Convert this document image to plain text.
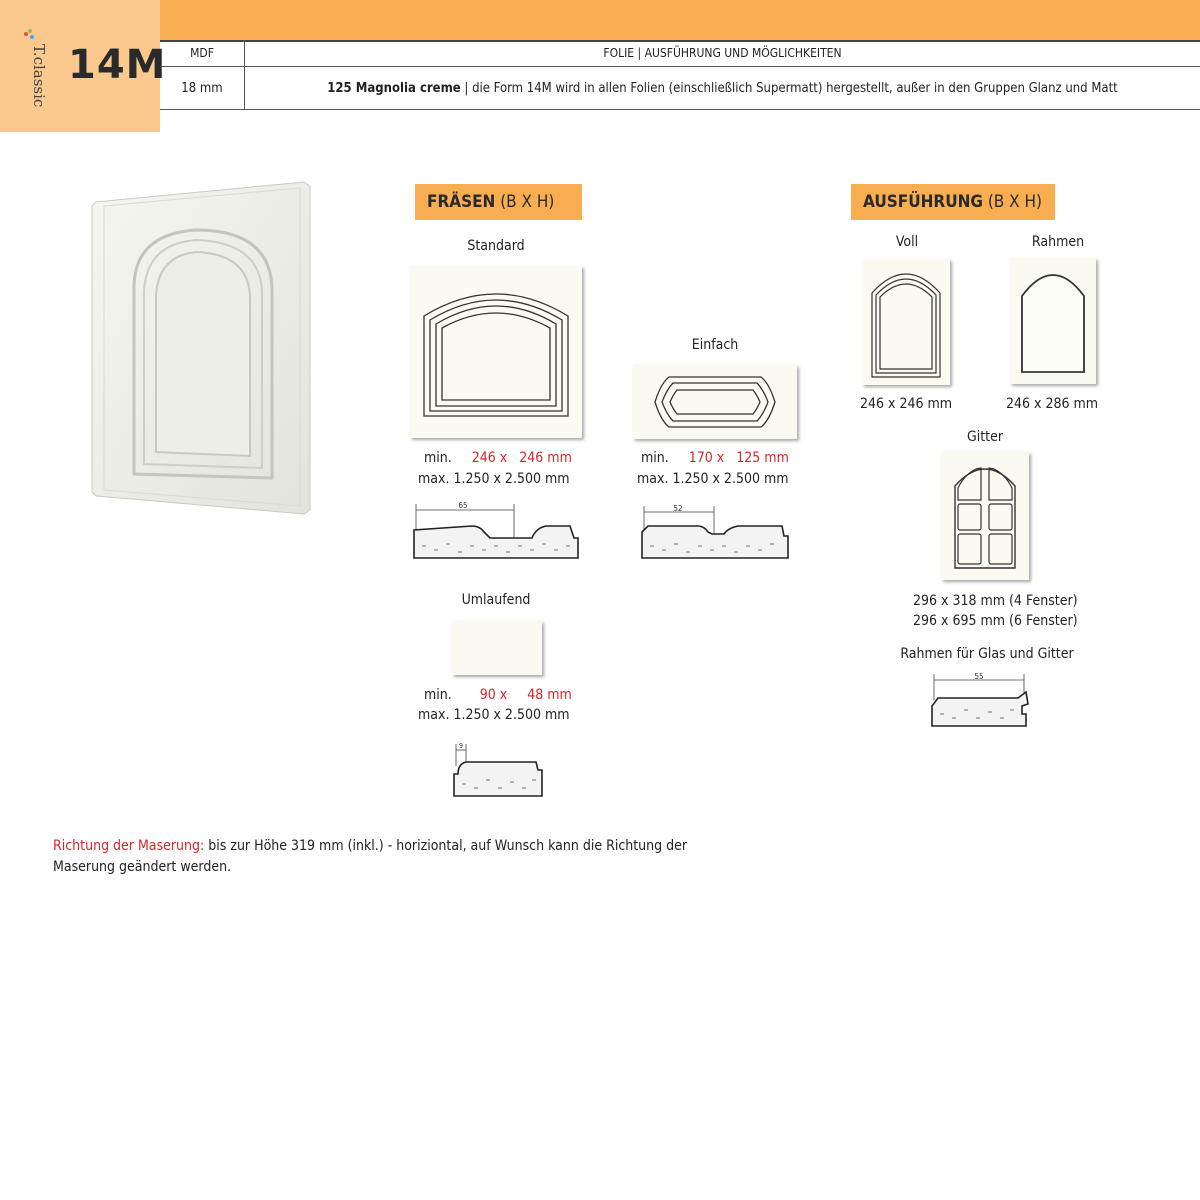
T.classic 14M MDF	FOLIE | AUSFÜHRUNG UND MÖGLICHKEITEN
18 mm	125 Magnolia creme | die Form 14M wird in allen Folien (einschließlich Supermatt) hergestellt, außer in den Gruppen Glanz und Matt
FRÄSEN (B X H)
Standard
min. 246 x 246 mm
max. 1.250 x 2.500 mm
65
Einfach
min. 170 x 125 mm
max. 1.250 x 2.500 mm
52
Umlaufend
min. 90 x 48 mm
max. 1.250 x 2.500 mm
9
AUSFÜHRUNG (B X H)
Voll
246 x 246 mm
Rahmen
246 x 286 mm
Gitter
296 x 318 mm (4 Fenster)
296 x 695 mm (6 Fenster)
Rahmen für Glas und Gitter
55
Richtung der Maserung: bis zur Höhe 319 mm (inkl.) - horiziontal, auf Wunsch kann die Richtung der Maserung geändert werden.
